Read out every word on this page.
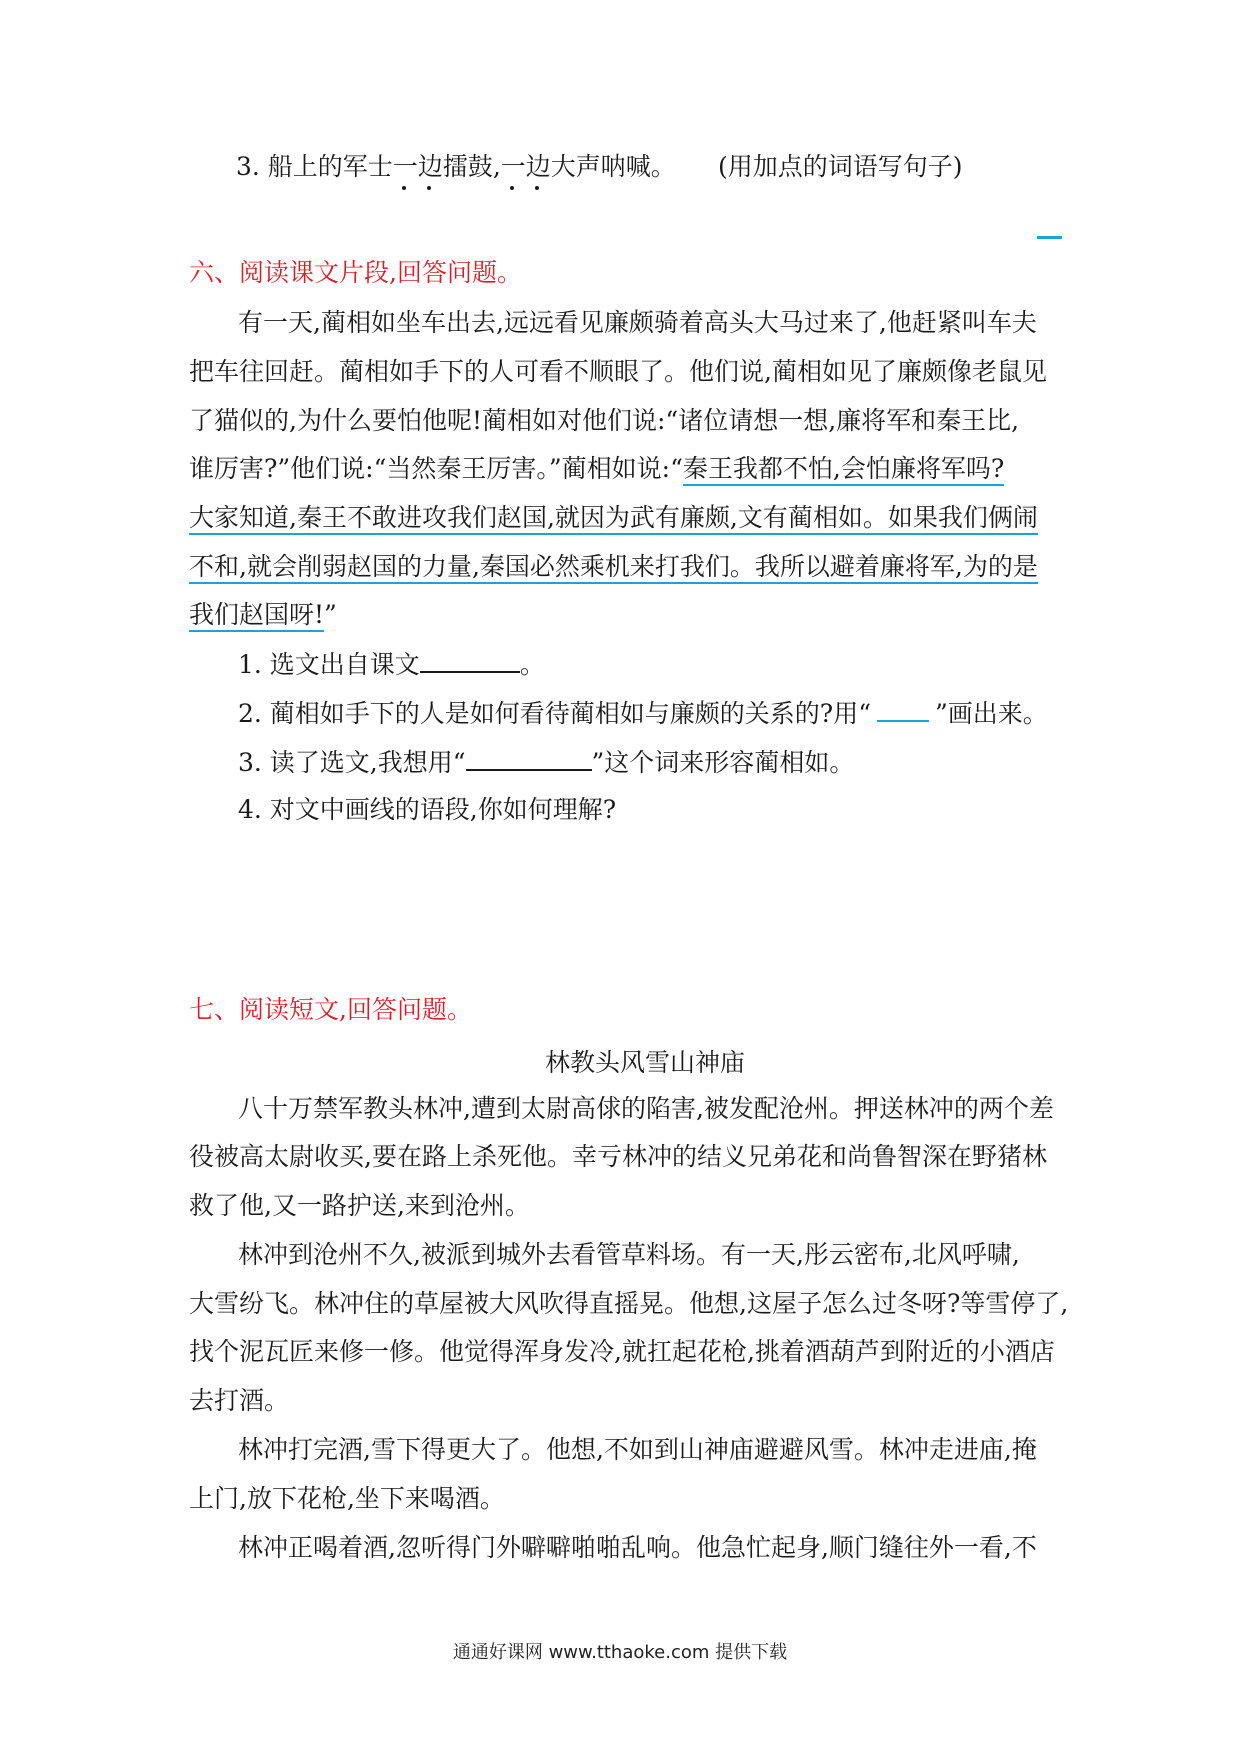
3. 船上的军士一边
擂鼓,一边
大声呐喊。 (用加点的词语写句子)
六、阅读课文片段,回答问题。
有一天,蔺相如坐车出去,远远看见廉颇骑着高头大马过来了,他赶紧叫车夫
把车往回赶。蔺相如手下的人可看不顺眼了。他们说,蔺相如见了廉颇像老鼠见
了猫似的,为什么要怕他呢!蔺相如对他们说:“诸位请想一想,廉将军和秦王比,
谁厉害?”他们说:“当然秦王厉害。”蔺相如说:“秦王我都不怕,会怕廉将军吗?
大家知道,秦王不敢进攻我们赵国,就因为武有廉颇,文有蔺相如。如果我们俩闹
不和,就会削弱赵国的力量,秦国必然乘机来打我们。我所以避着廉将军,为的是
我们赵国呀!”
1. 选文出自课文	。
2. 蔺相如手下的人是如何看待蔺相如与廉颇的关系的?用“	”画出来。
3. 读了选文,我想用“	”这个词来形容蔺相如。
4. 对文中画线的语段,你如何理解?
七、阅读短文,回答问题。
林教头风雪山神庙
八十万禁军教头林冲,遭到太尉高俅的陷害,被发配沧州。押送林冲的两个差
役被高太尉收买,要在路上杀死他。幸亏林冲的结义兄弟花和尚鲁智深在野猪林
救了他,又一路护送,来到沧州。
林冲到沧州不久,被派到城外去看管草料场。有一天,彤云密布,北风呼啸,
大雪纷飞。林冲住的草屋被大风吹得直摇晃。他想,这屋子怎么过冬呀?等雪停了,
找个泥瓦匠来修一修。他觉得浑身发冷,就扛起花枪,挑着酒葫芦到附近的小酒店
去打酒。
林冲打完酒,雪下得更大了。他想,不如到山神庙避避风雪。林冲走进庙,掩
上门,放下花枪,坐下来喝酒。
林冲正喝着酒,忽听得门外噼噼啪啪乱响。他急忙起身,顺门缝往外一看,不
通通好课网 www.tthaoke.com 提供下载
